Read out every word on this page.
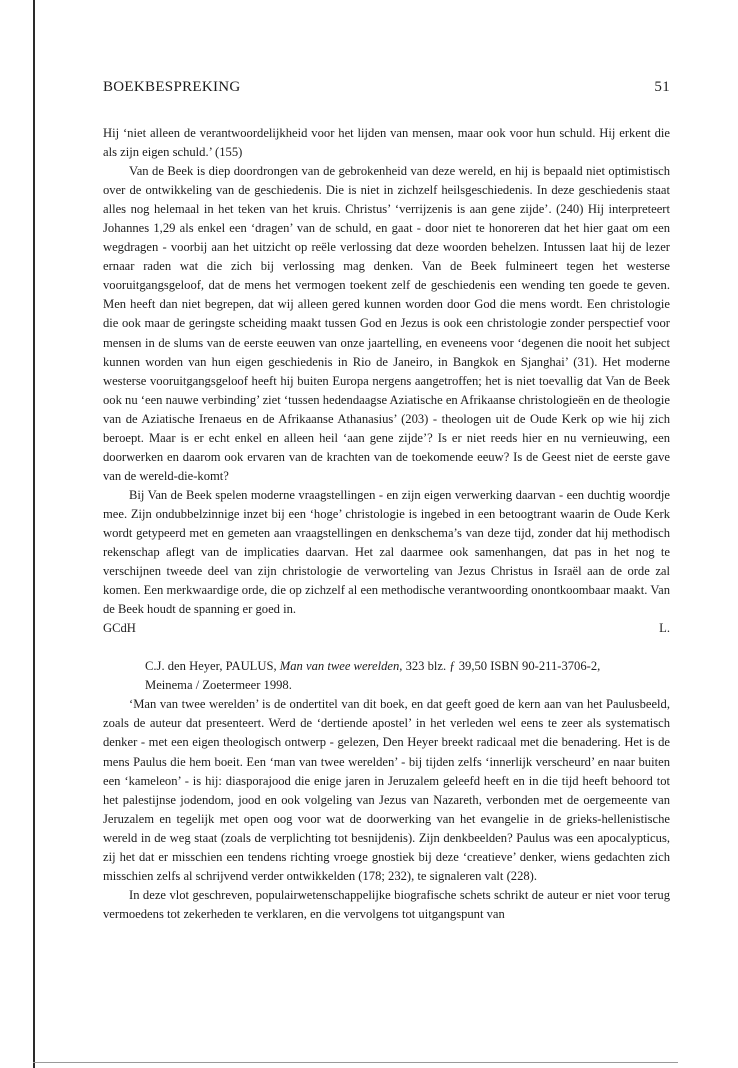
BOEKBESPREKING	51

Hij ‘niet alleen de verantwoordelijkheid voor het lijden van mensen, maar ook voor hun schuld. Hij erkent die als zijn eigen schuld.’ (155)

Van de Beek is diep doordrongen van de gebrokenheid van deze wereld, en hij is bepaald niet optimistisch over de ontwikkeling van de geschiedenis. Die is niet in zichzelf heilsgeschiedenis. In deze geschiedenis staat alles nog helemaal in het teken van het kruis. Christus’ ‘verrijzenis is aan gene zijde’. (240) Hij interpreteert Johannes 1,29 als enkel een ‘dragen’ van de schuld, en gaat - door niet te honoreren dat het hier gaat om een wegdragen - voorbij aan het uitzicht op reële verlossing dat deze woorden behelzen. Intussen laat hij de lezer ernaar raden wat die zich bij verlossing mag denken. Van de Beek fulmineert tegen het westerse vooruitgangsgeloof, dat de mens het vermogen toekent zelf de geschiedenis een wending ten goede te geven. Men heeft dan niet begrepen, dat wij alleen gered kunnen worden door God die mens wordt. Een christologie die ook maar de geringste scheiding maakt tussen God en Jezus is ook een christologie zonder perspectief voor mensen in de slums van de eerste eeuwen van onze jaartelling, en eveneens voor ‘degenen die nooit het subject kunnen worden van hun eigen geschiedenis in Rio de Janeiro, in Bangkok en Sjanghai’ (31). Het moderne westerse vooruitgangsgeloof heeft hij buiten Europa nergens aangetroffen; het is niet toevallig dat Van de Beek ook nu ‘een nauwe verbinding’ ziet ‘tussen hedendaagse Aziatische en Afrikaanse christologieën en de theologie van de Aziatische Irenaeus en de Afrikaanse Athanasius’ (203) - theologen uit de Oude Kerk op wie hij zich beroept. Maar is er echt enkel en alleen heil ‘aan gene zijde’? Is er niet reeds hier en nu vernieuwing, een doorwerken en daarom ook ervaren van de krachten van de toekomende eeuw? Is de Geest niet de eerste gave van de wereld-die-komt?

Bij Van de Beek spelen moderne vraagstellingen - en zijn eigen verwerking daarvan - een duchtig woordje mee. Zijn ondubbelzinnige inzet bij een ‘hoge’ christologie is ingebed in een betoogtrant waarin de Oude Kerk wordt getypeerd met en gemeten aan vraagstellingen en denkschema’s van deze tijd, zonder dat hij methodisch rekenschap aflegt van de implicaties daarvan. Het zal daarmee ook samenhangen, dat pas in het nog te verschijnen tweede deel van zijn christologie de verworteling van Jezus Christus in Israël aan de orde zal komen. Een merkwaardige orde, die op zichzelf al een methodische verantwoording onontkoombaar maakt. Van de Beek houdt de spanning er goed in.

GCdH	L.

C.J. den Heyer, PAULUS, Man van twee werelden, 323 blz. ƒ 39,50 ISBN 90-211-3706-2,

Meinema / Zoetermeer 1998.

‘Man van twee werelden’ is de ondertitel van dit boek, en dat geeft goed de kern aan van het Paulusbeeld, zoals de auteur dat presenteert. Werd de ‘dertiende apostel’ in het verleden wel eens te zeer als systematisch denker - met een eigen theologisch ontwerp - gelezen, Den Heyer breekt radicaal met die benadering. Het is de mens Paulus die hem boeit. Een ‘man van twee werelden’ - bij tijden zelfs ‘innerlijk verscheurd’ en naar buiten een ‘kameleon’ - is hij: diasporajood die enige jaren in Jeruzalem geleefd heeft en in die tijd heeft behoord tot het palestijnse jodendom, jood en ook volgeling van Jezus van Nazareth, verbonden met de oergemeente van Jeruzalem en tegelijk met open oog voor wat de doorwerking van het evangelie in de grieks-hellenistische wereld in de weg staat (zoals de verplichting tot besnijdenis). Zijn denkbeelden? Paulus was een apocalypticus, zij het dat er misschien een tendens richting vroege gnostiek bij deze ‘creatieve’ denker, wiens gedachten zich misschien zelfs al schrijvend verder ontwikkelden (178; 232), te signaleren valt (228).

In deze vlot geschreven, populairwetenschappelijke biografische schets schrikt de auteur er niet voor terug vermoedens tot zekerheden te verklaren, en die vervolgens tot uitgangspunt van
